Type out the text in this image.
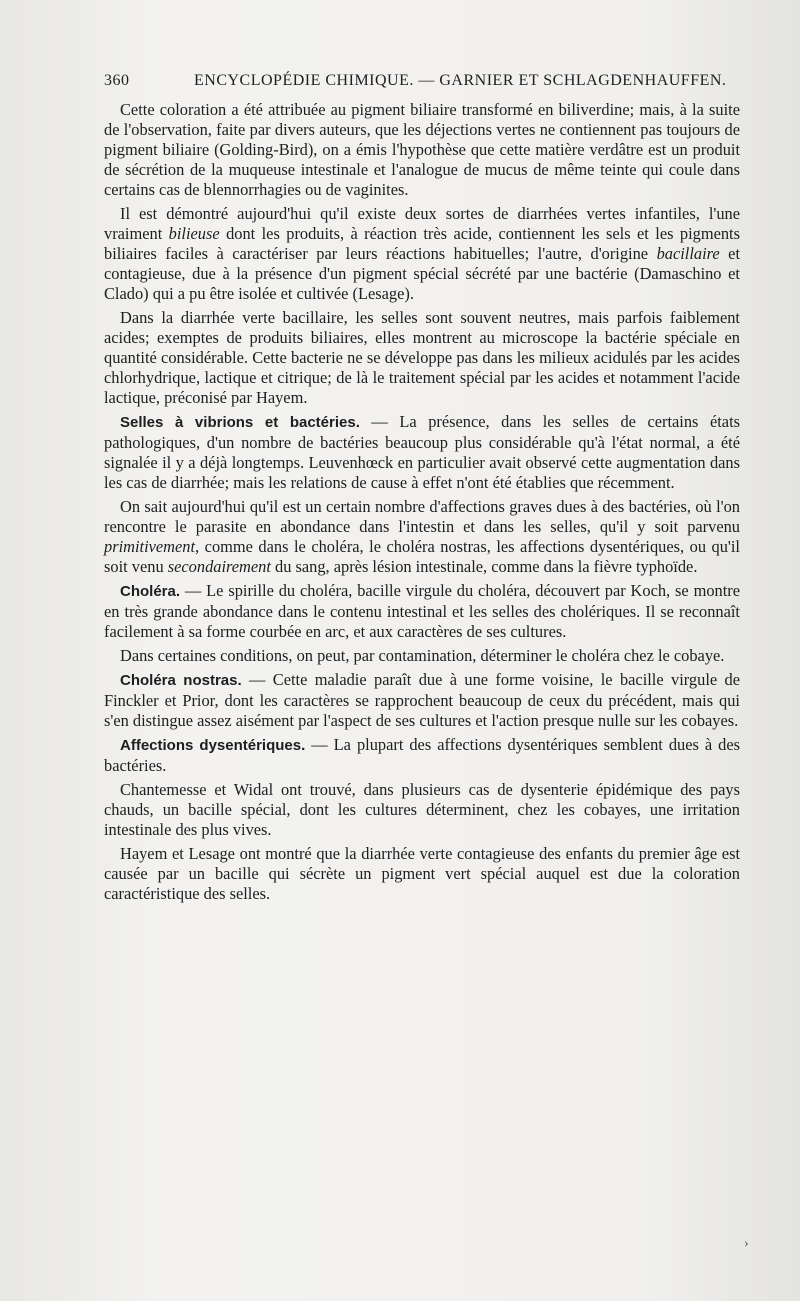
360	ENCYCLOPÉDIE CHIMIQUE. — GARNIER ET SCHLAGDENHAUFFEN.

Cette coloration a été attribuée au pigment biliaire transformé en biliverdine; mais, à la suite de l'observation, faite par divers auteurs, que les déjections vertes ne contiennent pas toujours de pigment biliaire (Golding-Bird), on a émis l'hypothèse que cette matière verdâtre est un produit de sécrétion de la muqueuse intestinale et l'analogue de mucus de même teinte qui coule dans certains cas de blennorrhagies ou de vaginites.

Il est démontré aujourd'hui qu'il existe deux sortes de diarrhées vertes infantiles, l'une vraiment bilieuse dont les produits, à réaction très acide, contiennent les sels et les pigments biliaires faciles à caractériser par leurs réactions habituelles; l'autre, d'origine bacillaire et contagieuse, due à la présence d'un pigment spécial sécrété par une bactérie (Damaschino et Clado) qui a pu être isolée et cultivée (Lesage).

Dans la diarrhée verte bacillaire, les selles sont souvent neutres, mais parfois faiblement acides; exemptes de produits biliaires, elles montrent au microscope la bactérie spéciale en quantité considérable. Cette bacterie ne se développe pas dans les milieux acidulés par les acides chlorhydrique, lactique et citrique; de là le traitement spécial par les acides et notamment l'acide lactique, préconisé par Hayem.

Selles à vibrions et bactéries. — La présence, dans les selles de certains états pathologiques, d'un nombre de bactéries beaucoup plus considérable qu'à l'état normal, a été signalée il y a déjà longtemps. Leuvenhœck en particulier avait observé cette augmentation dans les cas de diarrhée; mais les relations de cause à effet n'ont été établies que récemment.

On sait aujourd'hui qu'il est un certain nombre d'affections graves dues à des bactéries, où l'on rencontre le parasite en abondance dans l'intestin et dans les selles, qu'il y soit parvenu primitivement, comme dans le choléra, le choléra nostras, les affections dysentériques, ou qu'il soit venu secondairement du sang, après lésion intestinale, comme dans la fièvre typhoïde.

Choléra. — Le spirille du choléra, bacille virgule du choléra, découvert par Koch, se montre en très grande abondance dans le contenu intestinal et les selles des cholériques. Il se reconnaît facilement à sa forme courbée en arc, et aux caractères de ses cultures.

Dans certaines conditions, on peut, par contamination, déterminer le choléra chez le cobaye.

Choléra nostras. — Cette maladie paraît due à une forme voisine, le bacille virgule de Finckler et Prior, dont les caractères se rapprochent beaucoup de ceux du précédent, mais qui s'en distingue assez aisément par l'aspect de ses cultures et l'action presque nulle sur les cobayes.

Affections dysentériques. — La plupart des affections dysentériques semblent dues à des bactéries.

Chantemesse et Widal ont trouvé, dans plusieurs cas de dysenterie épidémique des pays chauds, un bacille spécial, dont les cultures déterminent, chez les cobayes, une irritation intestinale des plus vives.

Hayem et Lesage ont montré que la diarrhée verte contagieuse des enfants du premier âge est causée par un bacille qui sécrète un pigment vert spécial auquel est due la coloration caractéristique des selles.

›
